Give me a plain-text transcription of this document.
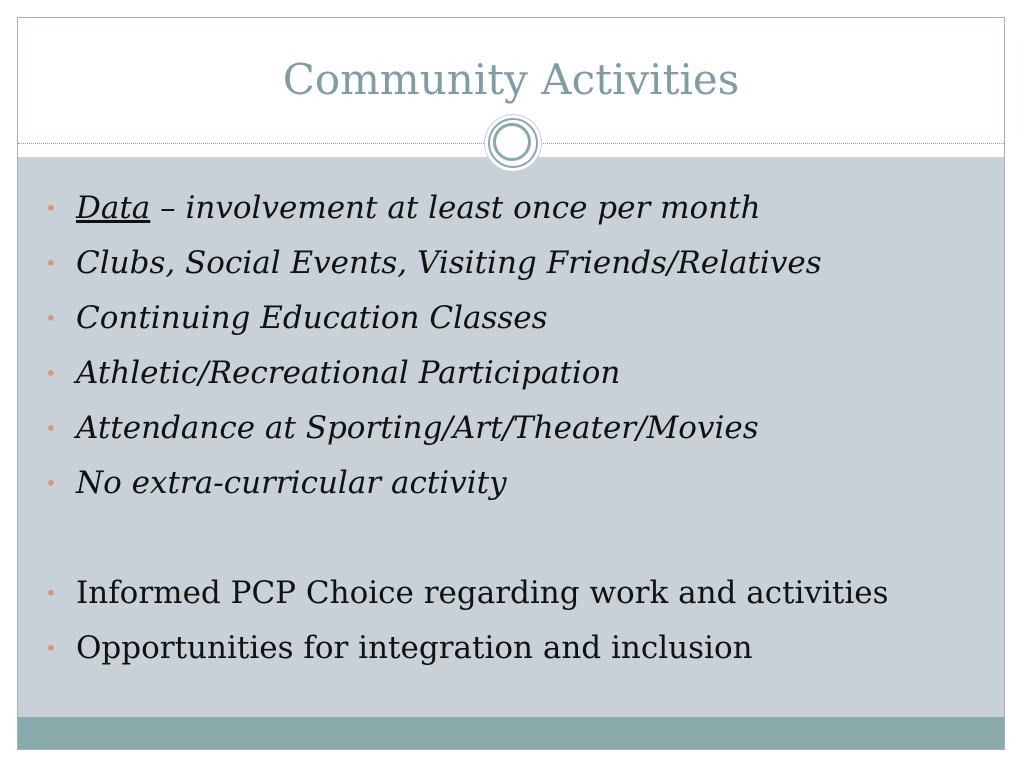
Community Activities
• Data – involvement at least once per month
• Clubs, Social Events, Visiting Friends/Relatives
• Continuing Education Classes
• Athletic/Recreational Participation
• Attendance at Sporting/Art/Theater/Movies
• No extra-curricular activity
• Informed PCP Choice regarding work and activities
• Opportunities for integration and inclusion
